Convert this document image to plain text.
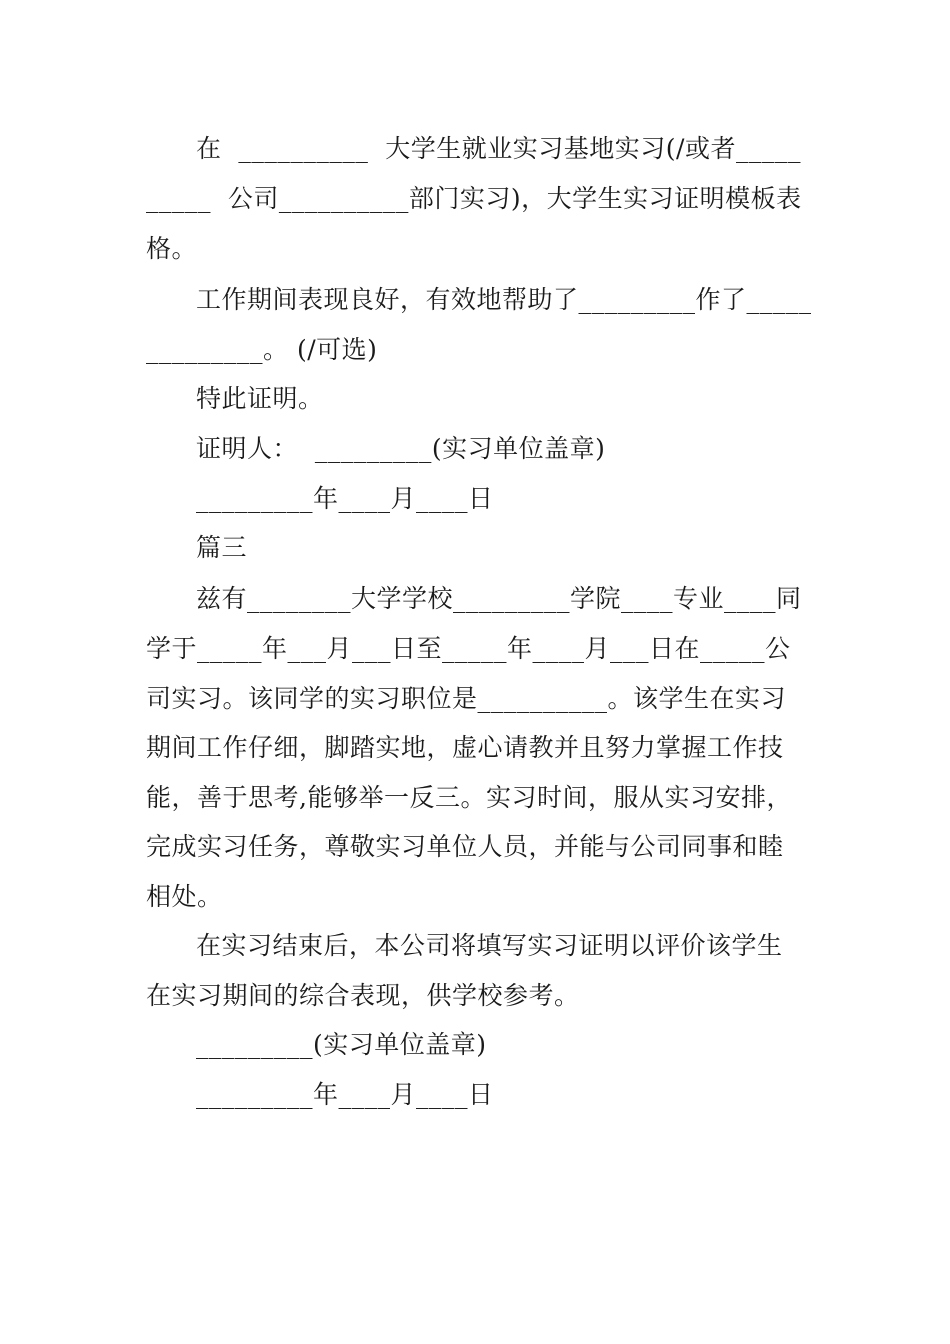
在  __________  大学生就业实习基地实习(/或者_____
_____  公司__________部门实习)，大学生实习证明模板表
格。
工作期间表现良好，有效地帮助了_________作了_____
_________。 (/可选)
特此证明。
证明人：  _________(实习单位盖章)
_________年____月____日
篇三
兹有________大学学校_________学院____专业____同
学于_____年___月___日至_____年____月___日在_____公
司实习。该同学的实习职位是__________。该学生在实习
期间工作仔细，脚踏实地，虚心请教并且努力掌握工作技
能，善于思考,能够举一反三。实习时间，服从实习安排，
完成实习任务，尊敬实习单位人员，并能与公司同事和睦
相处。
在实习结束后，本公司将填写实习证明以评价该学生
在实习期间的综合表现，供学校参考。
_________(实习单位盖章)
_________年____月____日
